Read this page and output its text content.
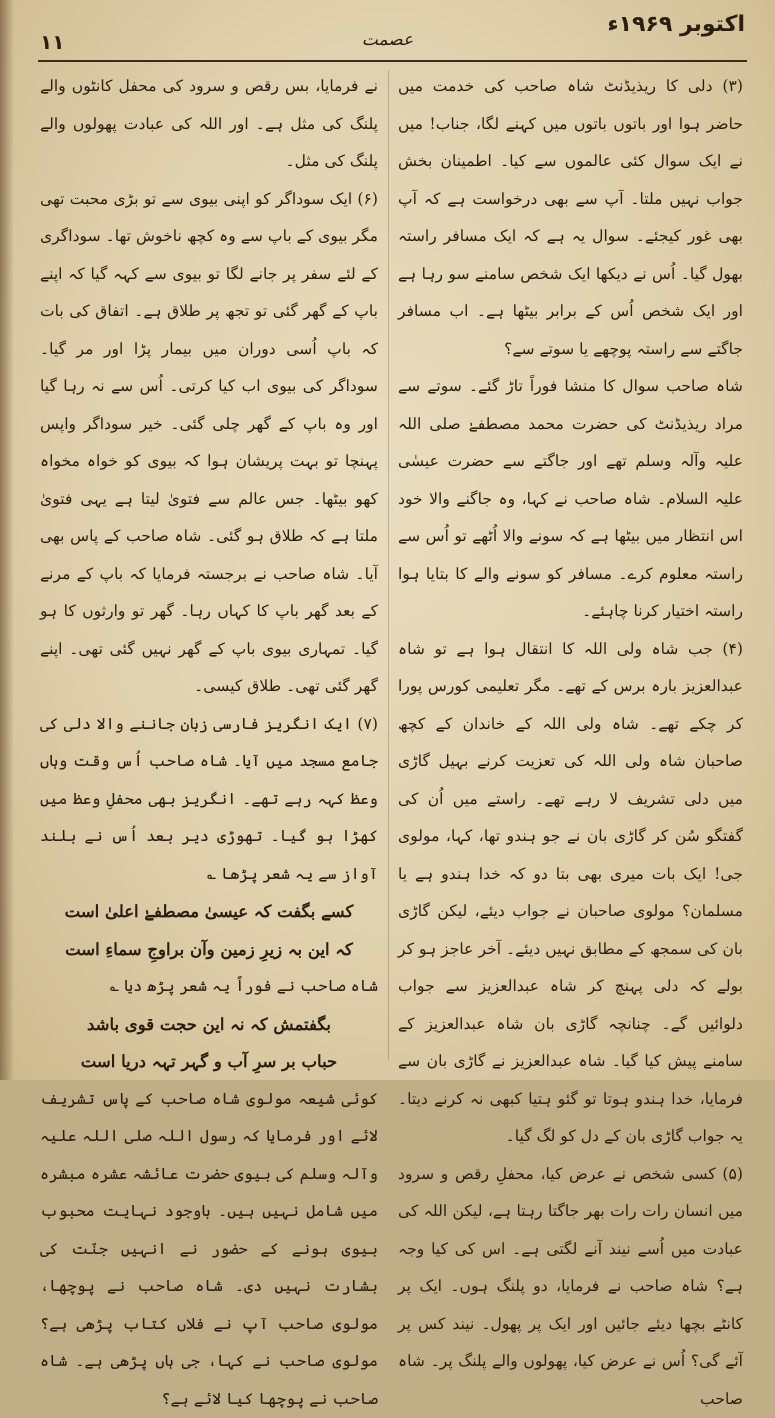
۱۱	عصمت
اکتوبر ۱۹۶۹ء

(۳) دلی کا ریذیڈنٹ شاہ صاحب کی خدمت میں حاضر ہوا اور باتوں باتوں میں کہنے لگا، جناب! میں نے ایک سوال کئی عالموں سے کیا۔ اطمینان بخش جواب نہیں ملتا۔ آپ سے بھی درخواست ہے کہ آپ بھی غور کیجئے۔ سوال یہ ہے کہ ایک مسافر راستہ بھول گیا۔ اُس نے دیکھا ایک شخص سامنے سو رہا ہے اور ایک شخص اُس کے برابر بیٹھا ہے۔ اب مسافر جاگتے سے راستہ پوچھے یا سوتے سے؟

شاہ صاحب سوال کا منشا فوراً تاڑ گئے۔ سوتے سے مراد ریذیڈنٹ کی حضرت محمد مصطفےٰ صلی اللہ علیہ وآلہ وسلم تھے اور جاگتے سے حضرت عیسٰی علیہ السلام۔ شاہ صاحب نے کہا، وہ جاگنے والا خود اس انتظار میں بیٹھا ہے کہ سونے والا اُٹھے تو اُس سے راستہ معلوم کرے۔ مسافر کو سونے والے کا بتایا ہوا راستہ اختیار کرنا چاہئے۔

(۴) جب شاہ ولی اللہ کا انتقال ہوا ہے تو شاہ عبدالعزیز بارہ برس کے تھے۔ مگر تعلیمی کورس پورا کر چکے تھے۔ شاہ ولی اللہ کے خاندان کے کچھ صاحبان شاہ ولی اللہ کی تعزیت کرنے بہیل گاڑی میں دلی تشریف لا رہے تھے۔ راستے میں اُن کی گفتگو سُن کر گاڑی بان نے جو ہندو تھا، کہا، مولوی جی! ایک بات میری بھی بتا دو کہ خدا ہندو ہے یا مسلمان؟ مولوی صاحبان نے جواب دیئے، لیکن گاڑی بان کی سمجھ کے مطابق نہیں دیئے۔ آخر عاجز ہو کر بولے کہ دلی پہنچ کر شاہ عبدالعزیز سے جواب دلوائیں گے۔ چنانچہ گاڑی بان شاہ عبدالعزیز کے سامنے پیش کیا گیا۔ شاہ عبدالعزیز نے گاڑی بان سے فرمایا، خدا ہندو ہوتا تو گئو ہتیا کبھی نہ کرنے دیتا۔ یہ جواب گاڑی بان کے دل کو لگ گیا۔

(۵) کسی شخص نے عرض کیا، محفلِ رقص و سرود میں انسان رات رات بھر جاگتا رہتا ہے، لیکن اللہ کی عبادت میں اُسے نیند آنے لگتی ہے۔ اس کی کیا وجہ ہے؟ شاہ صاحب نے فرمایا، دو پلنگ ہوں۔ ایک پر کانٹے بچھا دیئے جائیں اور ایک پر پھول۔ نیند کس پر آئے گی؟ اُس نے عرض کیا، پھولوں والے پلنگ پر۔ شاہ صاحب

نے فرمایا، بس رقص و سرود کی محفل کانٹوں والے پلنگ کی مثل ہے۔ اور اللہ کی عبادت پھولوں والے پلنگ کی مثل۔

(۶) ایک سوداگر کو اپنی بیوی سے تو بڑی محبت تھی مگر بیوی کے باپ سے وہ کچھ ناخوش تھا۔ سوداگری کے لئے سفر پر جانے لگا تو بیوی سے کہہ گیا کہ اپنے باپ کے گھر گئی تو تجھ پر طلاق ہے۔ اتفاق کی بات کہ باپ اُسی دوران میں بیمار پڑا اور مر گیا۔ سوداگر کی بیوی اب کیا کرتی۔ اُس سے نہ رہا گیا اور وہ باپ کے گھر چلی گئی۔ خیر سوداگر واپس پہنچا تو بہت پریشان ہوا کہ بیوی کو خواہ مخواہ کھو بیٹھا۔ جس عالم سے فتویٰ لیتا ہے یہی فتویٰ ملتا ہے کہ طلاق ہو گئی۔ شاہ صاحب کے پاس بھی آیا۔ شاہ صاحب نے برجستہ فرمایا کہ باپ کے مرنے کے بعد گھر باپ کا کہاں رہا۔ گھر تو وارثوں کا ہو گیا۔ تمہاری بیوی باپ کے گھر نہیں گئی تھی۔ اپنے گھر گئی تھی۔ طلاق کیسی۔

(۷) ایک انگریز فارسی زبان جاننے والا دلی کی جامع مسجد میں آیا۔ شاہ صاحب اُس وقت وہاں وعظ کہہ رہے تھے۔ انگریز بھی محفلِ وعظ میں کھڑا ہو گیا۔ تھوڑی دیر بعد اُس نے بلند آواز سے یہ شعر پڑھا ؎

کسے بگفت کہ عیسیٰ مصطفےٰ اعلیٰ است

کہ این بہ زیرِ زمین وآن براوجِ سماءِ است

شاہ صاحب نے فوراً یہ شعر پڑھ دیا ؎

بگفتمش کہ نہ این حجت قوی باشد

حباب بر سرِ آب و گہر تہہ دریا است

کوئی شیعہ مولوی شاہ صاحب کے پاس تشریف لائے اور فرمایا کہ رسول اللہ صلی اللہ علیہ وآلہ وسلم کی بیوی حضرت عائشہ عشرہ مبشرہ میں شامل نہیں ہیں۔ باوجود نہایت محبوب بیوی ہونے کے حضور نے انہیں جنّت کی بشارت نہیں دی۔ شاہ صاحب نے پوچھا، مولوی صاحب آپ نے فلاں کتاب پڑھی ہے؟ مولوی صاحب نے کہا، جی ہاں پڑھی ہے۔ شاہ صاحب نے پوچھا کیا لائے ہے؟
